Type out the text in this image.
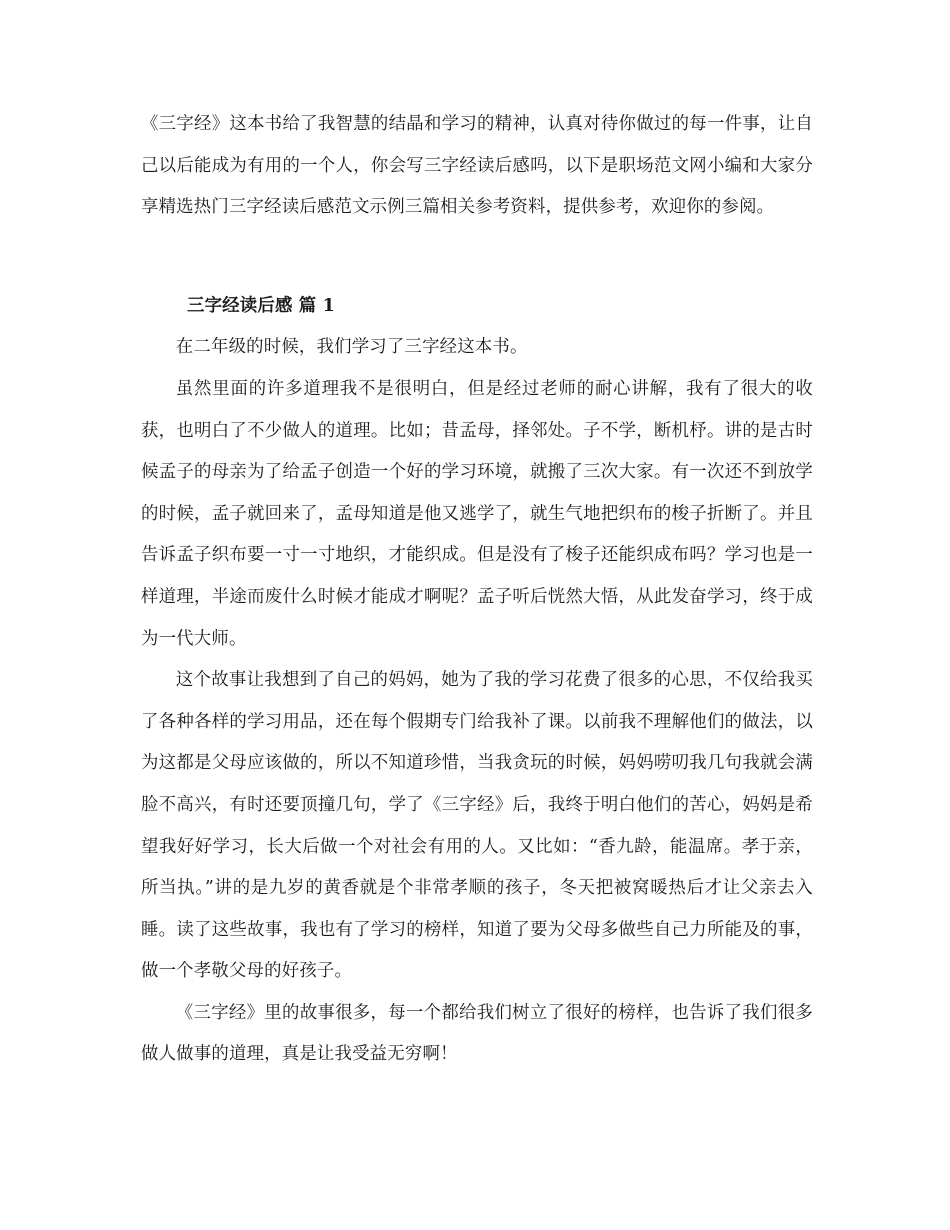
《三字经》这本书给了我智慧的结晶和学习的精神，认真对待你做过的每一件事，让自己以后能成为有用的一个人，你会写三字经读后感吗，以下是职场范文网小编和大家分享精选热门三字经读后感范文示例三篇相关参考资料，提供参考，欢迎你的参阅。

三字经读后感 篇 1

在二年级的时候，我们学习了三字经这本书。

虽然里面的许多道理我不是很明白，但是经过老师的耐心讲解，我有了很大的收获，也明白了不少做人的道理。比如；昔孟母，择邻处。子不学，断机杼。讲的是古时候孟子的母亲为了给孟子创造一个好的学习环境，就搬了三次大家。有一次还不到放学的时候，孟子就回来了，孟母知道是他又逃学了，就生气地把织布的梭子折断了。并且告诉孟子织布要一寸一寸地织，才能织成。但是没有了梭子还能织成布吗？学习也是一样道理，半途而废什么时候才能成才啊呢？孟子听后恍然大悟，从此发奋学习，终于成为一代大师。

这个故事让我想到了自己的妈妈，她为了我的学习花费了很多的心思，不仅给我买了各种各样的学习用品，还在每个假期专门给我补了课。以前我不理解他们的做法，以为这都是父母应该做的，所以不知道珍惜，当我贪玩的时候，妈妈唠叨我几句我就会满脸不高兴，有时还要顶撞几句，学了《三字经》后，我终于明白他们的苦心，妈妈是希望我好好学习，长大后做一个对社会有用的人。又比如：“香九龄，能温席。孝于亲，所当执。”讲的是九岁的黄香就是个非常孝顺的孩子，冬天把被窝暖热后才让父亲去入睡。读了这些故事，我也有了学习的榜样，知道了要为父母多做些自己力所能及的事，做一个孝敬父母的好孩子。

《三字经》里的故事很多，每一个都给我们树立了很好的榜样，也告诉了我们很多做人做事的道理，真是让我受益无穷啊！
